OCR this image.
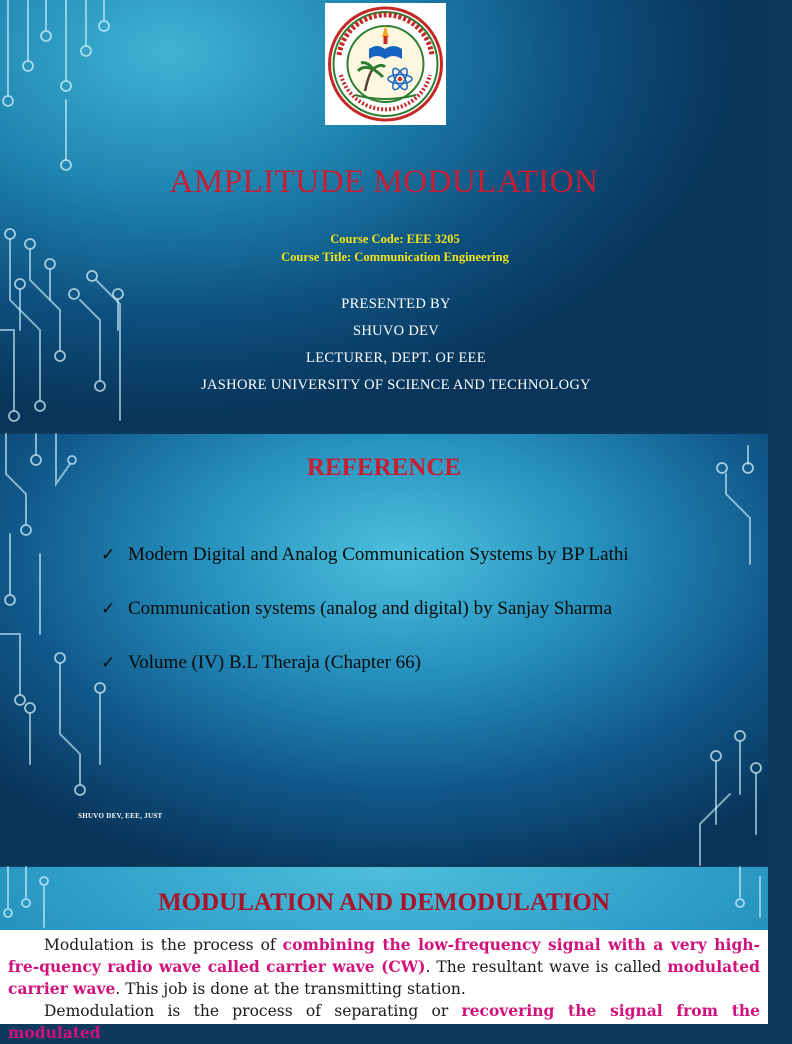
AMPLITUDE MODULATION
Course Code: EEE 3205
Course Title: Communication Engineering
PRESENTED BY
SHUVO DEV
LECTURER, DEPT. OF EEE
JASHORE UNIVERSITY OF SCIENCE AND TECHNOLOGY
REFERENCE
✓ Modern Digital and Analog Communication Systems by BP Lathi
✓ Communication systems (analog and digital) by Sanjay Sharma
✓ Volume (IV) B.L Theraja (Chapter 66)
SHUVO DEV, EEE, JUST
MODULATION AND DEMODULATION

Modulation is the process of combining the low-frequency signal with a very high-fre-quency radio wave called carrier wave (CW). The resultant wave is called modulated carrier wave. This job is done at the transmitting station.

Demodulation is the process of separating or recovering the signal from the modulated
